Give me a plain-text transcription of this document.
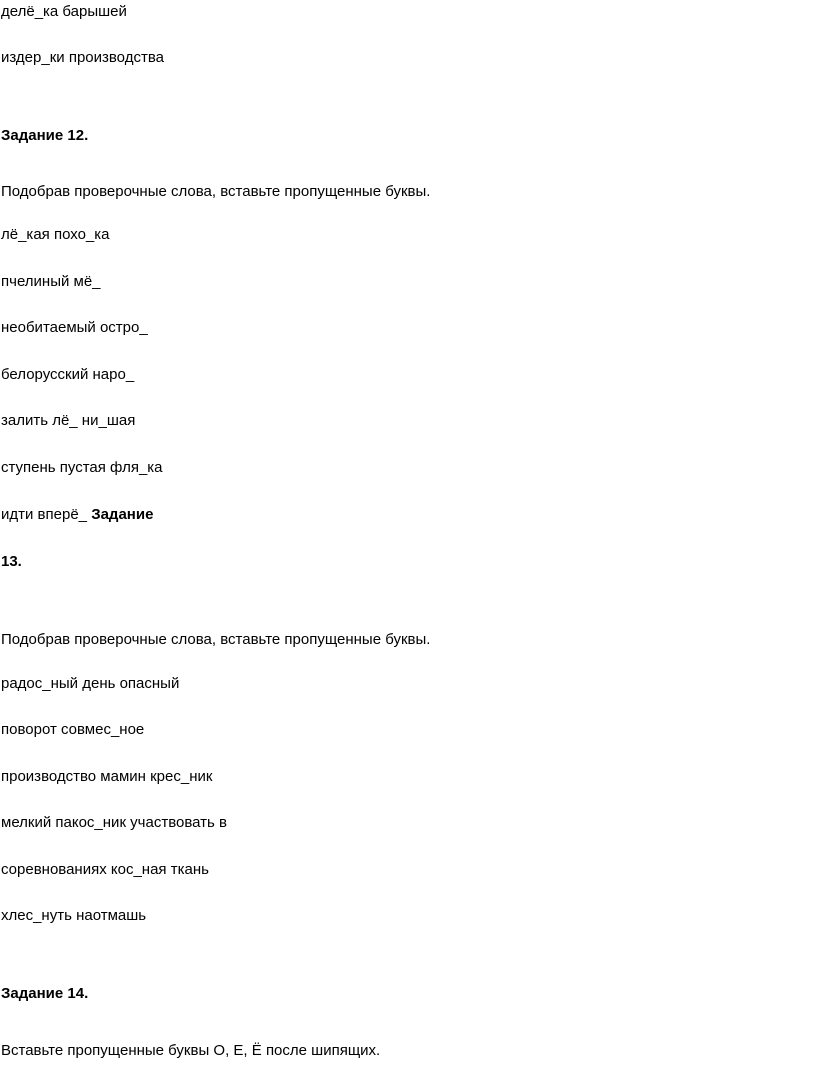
делё_ка барышей
издер_ки производства
Задание 12.
Подобрав проверочные слова, вставьте пропущенные буквы.
лё_кая похо_ка
пчелиный мё_
необитаемый остро_
белорусский наро_
залить лё_ ни_шая
ступень пустая фля_ка
идти вперё_ Задание
13.
Подобрав проверочные слова, вставьте пропущенные буквы.
радос_ный день опасный
поворот совмес_ное
производство мамин крес_ник
мелкий пакос_ник участвовать в
соревнованиях кос_ная ткань
хлес_нуть наотмашь
Задание 14.
Вставьте пропущенные буквы О, Е, Ё после шипящих.
